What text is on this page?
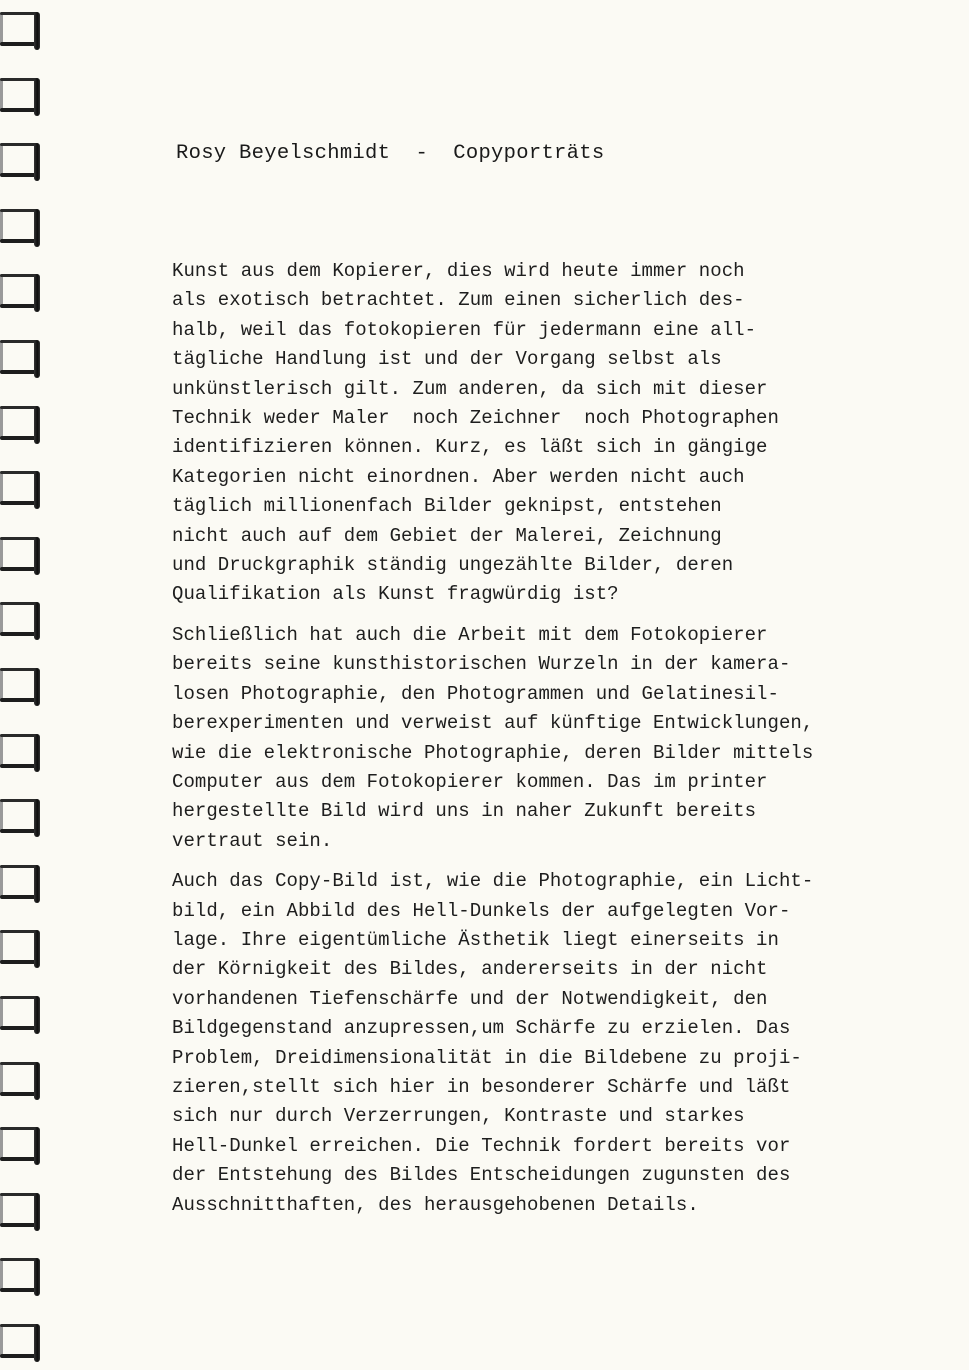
Rosy Beyelschmidt  -  Copyporträts
Kunst aus dem Kopierer, dies wird heute immer noch
als exotisch betrachtet. Zum einen sicherlich des-
halb, weil das fotokopieren für jedermann eine all-
tägliche Handlung ist und der Vorgang selbst als
unkünstlerisch gilt. Zum anderen, da sich mit dieser
Technik weder Maler  noch Zeichner  noch Photographen
identifizieren können. Kurz, es läßt sich in gängige
Kategorien nicht einordnen. Aber werden nicht auch
täglich millionenfach Bilder geknipst, entstehen
nicht auch auf dem Gebiet der Malerei, Zeichnung
und Druckgraphik ständig ungezählte Bilder, deren
Qualifikation als Kunst fragwürdig ist?
Schließlich hat auch die Arbeit mit dem Fotokopierer
bereits seine kunsthistorischen Wurzeln in der kamera-
losen Photographie, den Photogrammen und Gelatinesil-
berexperimenten und verweist auf künftige Entwicklungen,
wie die elektronische Photographie, deren Bilder mittels
Computer aus dem Fotokopierer kommen. Das im printer
hergestellte Bild wird uns in naher Zukunft bereits
vertraut sein.
Auch das Copy-Bild ist, wie die Photographie, ein Licht-
bild, ein Abbild des Hell-Dunkels der aufgelegten Vor-
lage. Ihre eigentümliche Ästhetik liegt einerseits in
der Körnigkeit des Bildes, andererseits in der nicht
vorhandenen Tiefenschärfe und der Notwendigkeit, den
Bildgegenstand anzupressen,um Schärfe zu erzielen. Das
Problem, Dreidimensionalität in die Bildebene zu proji-
zieren,stellt sich hier in besonderer Schärfe und läßt
sich nur durch Verzerrungen, Kontraste und starkes
Hell-Dunkel erreichen. Die Technik fordert bereits vor
der Entstehung des Bildes Entscheidungen zugunsten des
Ausschnitthaften, des herausgehobenen Details.
